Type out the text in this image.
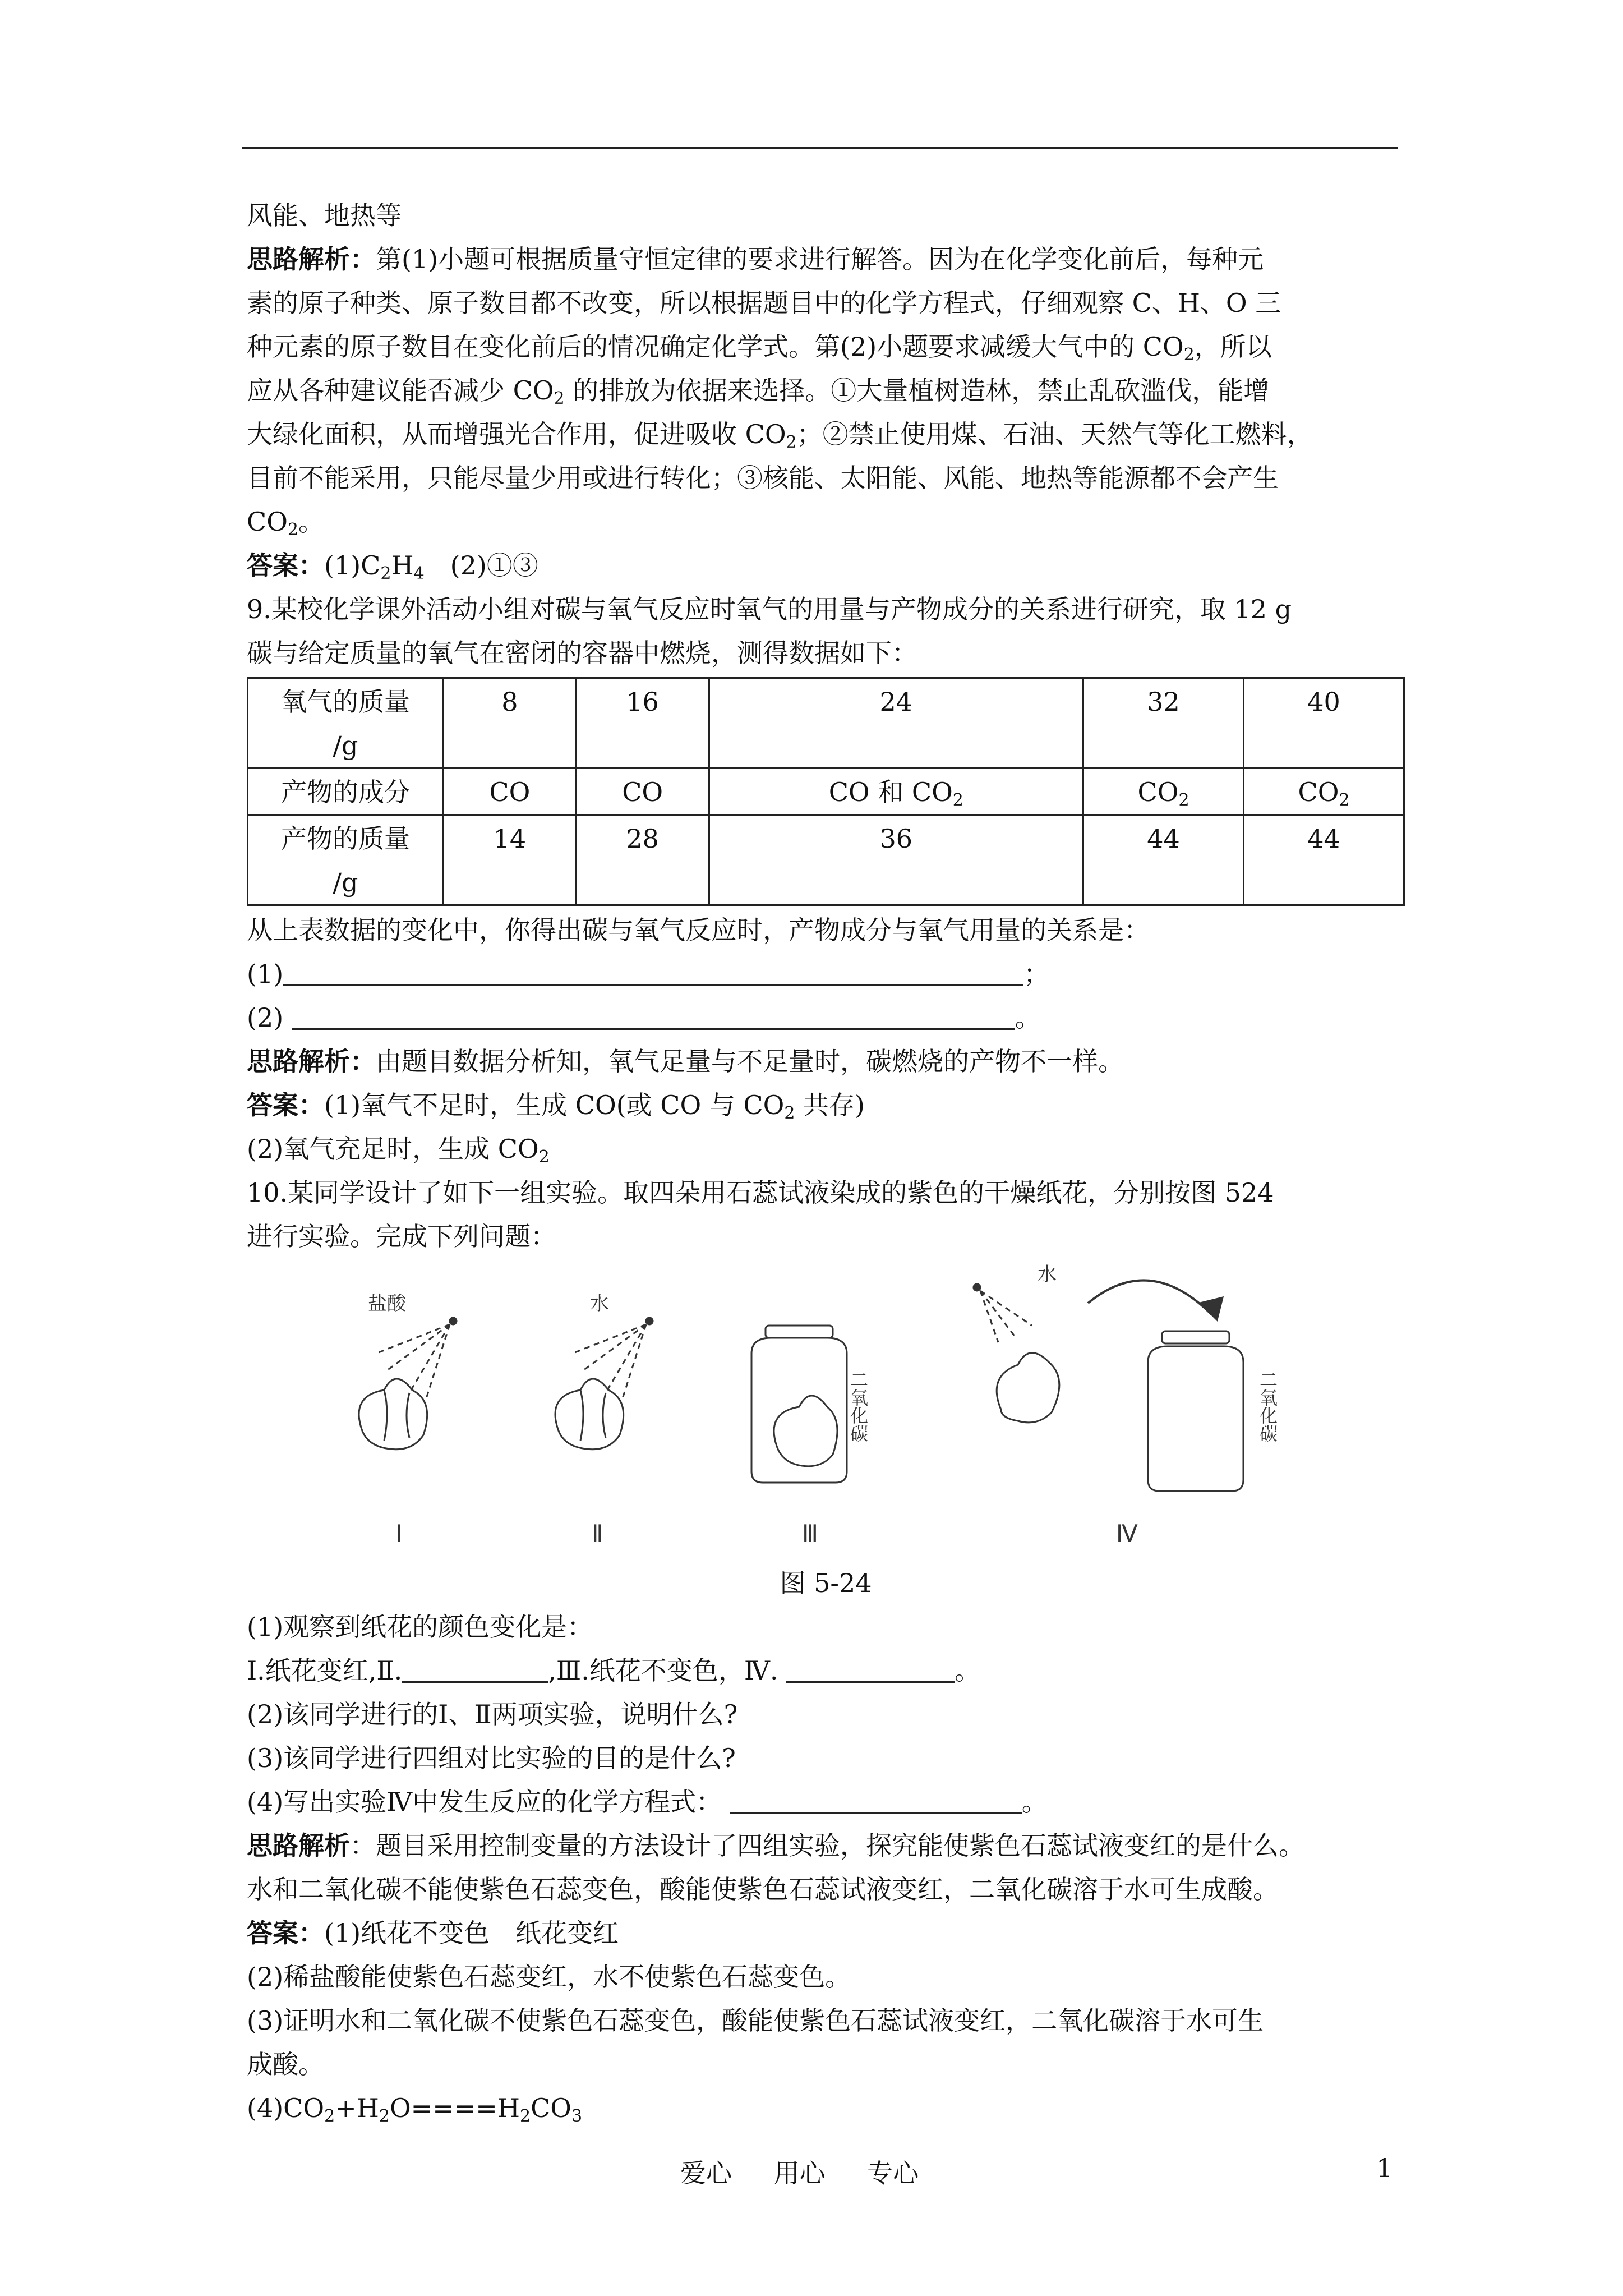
风能、地热等
思路解析：第(1)小题可根据质量守恒定律的要求进行解答。因为在化学变化前后，每种元
素的原子种类、原子数目都不改变，所以根据题目中的化学方程式，仔细观察 C、H、O 三
种元素的原子数目在变化前后的情况确定化学式。第(2)小题要求减缓大气中的 $CO_2$，所以
应从各种建议能否减少 $CO_2$ 的排放为依据来选择。①大量植树造林，禁止乱砍滥伐，能增
大绿化面积，从而增强光合作用，促进吸收 $CO_2$；②禁止使用煤、石油、天然气等化工燃料，
目前不能采用，只能尽量少用或进行转化；③核能、太阳能、风能、地热等能源都不会产生
$CO_2$。
答案：$(1)C_2H_4$　(2)①③
9.某校化学课外活动小组对碳与氧气反应时氧气的用量与产物成分的关系进行研究，取 12 g
碳与给定质量的氧气在密闭的容器中燃烧，测得数据如下：
氧气的质量
/g	8	16	24	32	40
产物的成分	CO	CO	CO 和 $CO_2$	$CO_2$	$CO_2$
产物的质量
/g	14	28	36	44	44
从上表数据的变化中，你得出碳与氧气反应时，产物成分与氧气用量的关系是：
(1)	；
(2)	。
思路解析：由题目数据分析知，氧气足量与不足量时，碳燃烧的产物不一样。
答案：(1)氧气不足时，生成 CO(或 CO 与 $CO_2$ 共存)
(2)氧气充足时，生成 $CO_2$
10.某同学设计了如下一组实验。取四朵用石蕊试液染成的紫色的干燥纸花，分别按图 524
进行实验。完成下列问题：
盐酸	水
二氧化碳
水
二氧化碳
Ⅰ	Ⅱ	Ⅲ	Ⅳ
图 5-24
(1)观察到纸花的颜色变化是：
Ⅰ.纸花变红,Ⅱ.	,Ⅲ.纸花不变色，Ⅳ.	。
(2)该同学进行的Ⅰ、Ⅱ两项实验，说明什么?
(3)该同学进行四组对比实验的目的是什么?
(4)写出实验Ⅳ中发生反应的化学方程式：	。
思路解析：题目采用控制变量的方法设计了四组实验，探究能使紫色石蕊试液变红的是什么。
水和二氧化碳不能使紫色石蕊变色，酸能使紫色石蕊试液变红，二氧化碳溶于水可生成酸。
答案：(1)纸花不变色　纸花变红
(2)稀盐酸能使紫色石蕊变红，水不使紫色石蕊变色。
(3)证明水和二氧化碳不使紫色石蕊变色，酸能使紫色石蕊试液变红，二氧化碳溶于水可生
成酸。
$(4)CO_2+H_2O====H_2CO_3$
爱心 用心 专心	1
